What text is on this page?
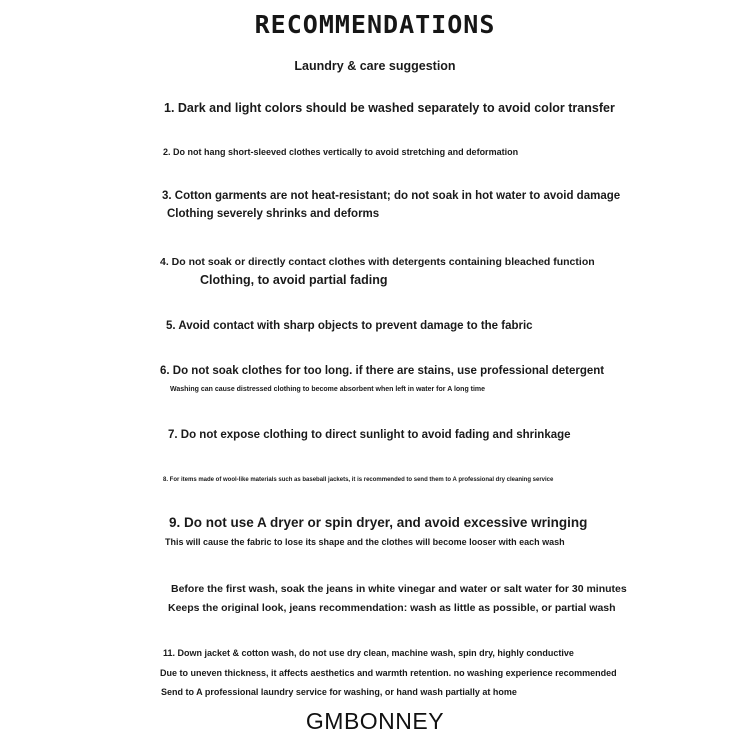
RECOMMENDATIONS
Laundry & care suggestion
1. Dark and light colors should be washed separately to avoid color transfer
2. Do not hang short-sleeved clothes vertically to avoid stretching and deformation
3. Cotton garments are not heat-resistant; do not soak in hot water to avoid damage
Clothing severely shrinks and deforms
4. Do not soak or directly contact clothes with detergents containing bleached function
Clothing, to avoid partial fading
5. Avoid contact with sharp objects to prevent damage to the fabric
6. Do not soak clothes for too long. if there are stains, use professional detergent
Washing can cause distressed clothing to become absorbent when left in water for A long time
7. Do not expose clothing to direct sunlight to avoid fading and shrinkage
8. For items made of wool-like materials such as baseball jackets, it is recommended to send them to A professional dry cleaning service
9. Do not use A dryer or spin dryer, and avoid excessive wringing
This will cause the fabric to lose its shape and the clothes will become looser with each wash
Before the first wash, soak the jeans in white vinegar and water or salt water for 30 minutes
Keeps the original look, jeans recommendation: wash as little as possible, or partial wash
11. Down jacket & cotton wash, do not use dry clean, machine wash, spin dry, highly conductive
Due to uneven thickness, it affects aesthetics and warmth retention. no washing experience recommended
Send to A professional laundry service for washing, or hand wash partially at home
GMBONNEY
